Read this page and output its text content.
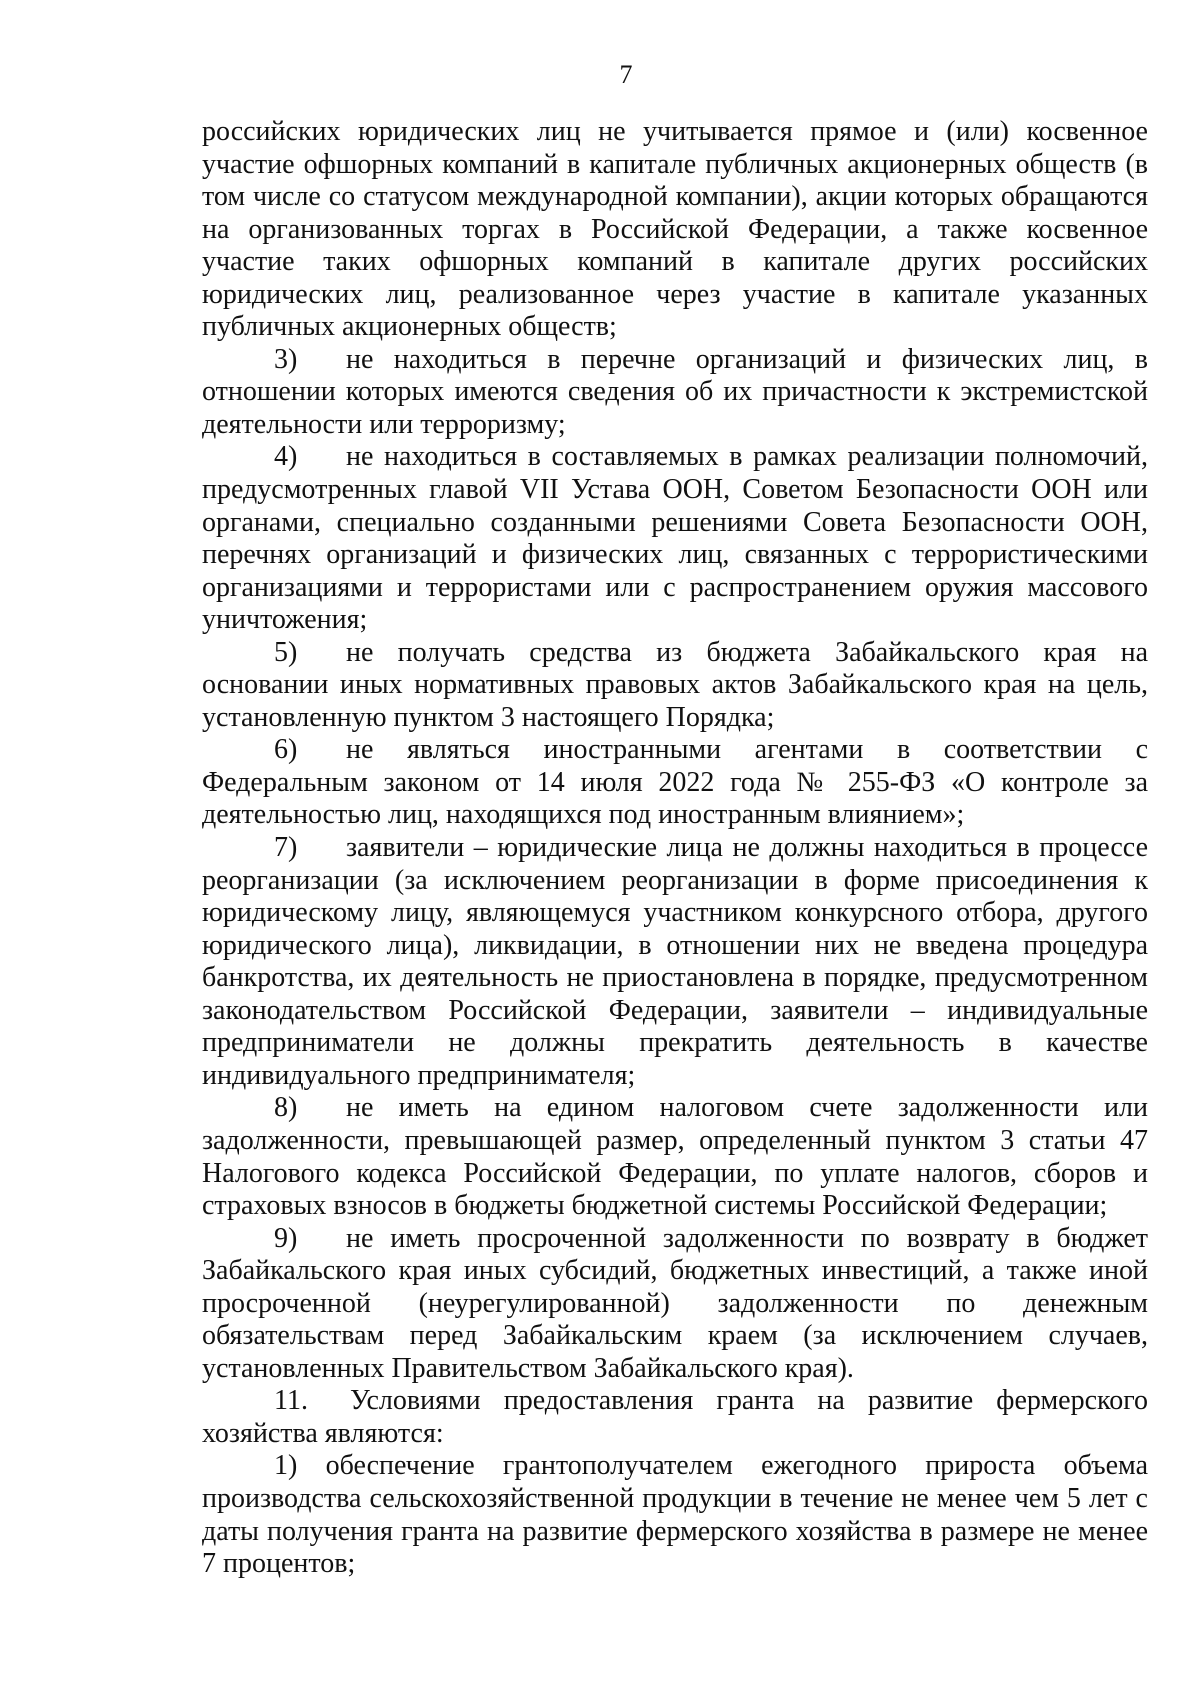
7

российских юридических лиц не учитывается прямое и (или) косвенное участие офшорных компаний в капитале публичных акционерных обществ (в том числе со статусом международной компании), акции которых обращаются на организованных торгах в Российской Федерации, а также косвенное участие таких офшорных компаний в капитале других российских юридических лиц, реализованное через участие в капитале указанных публичных акционерных обществ;

3) не находиться в перечне организаций и физических лиц, в отношении которых имеются сведения об их причастности к экстремистской деятельности или терроризму;

4) не находиться в составляемых в рамках реализации полномочий, предусмотренных главой VII Устава ООН, Советом Безопасности ООН или органами, специально созданными решениями Совета Безопасности ООН, перечнях организаций и физических лиц, связанных с террористическими организациями и террористами или с распространением оружия массового уничтожения;

5) не получать средства из бюджета Забайкальского края на основании иных нормативных правовых актов Забайкальского края на цель, установленную пунктом 3 настоящего Порядка;

6) не являться иностранными агентами в соответствии с Федеральным законом от 14 июля 2022 года № 255-ФЗ «О контроле за деятельностью лиц, находящихся под иностранным влиянием»;

7) заявители – юридические лица не должны находиться в процессе реорганизации (за исключением реорганизации в форме присоединения к юридическому лицу, являющемуся участником конкурсного отбора, другого юридического лица), ликвидации, в отношении них не введена процедура банкротства, их деятельность не приостановлена в порядке, предусмотренном законодательством Российской Федерации, заявители – индивидуальные предприниматели не должны прекратить деятельность в качестве индивидуального предпринимателя;

8) не иметь на едином налоговом счете задолженности или задолженности, превышающей размер, определенный пунктом 3 статьи 47 Налогового кодекса Российской Федерации, по уплате налогов, сборов и страховых взносов в бюджеты бюджетной системы Российской Федерации;

9) не иметь просроченной задолженности по возврату в бюджет Забайкальского края иных субсидий, бюджетных инвестиций, а также иной просроченной (неурегулированной) задолженности по денежным обязательствам перед Забайкальским краем (за исключением случаев, установленных Правительством Забайкальского края).

11. Условиями предоставления гранта на развитие фермерского хозяйства являются:

1) обеспечение грантополучателем ежегодного прироста объема производства сельскохозяйственной продукции в течение не менее чем 5 лет с даты получения гранта на развитие фермерского хозяйства в размере не менее 7 процентов;
